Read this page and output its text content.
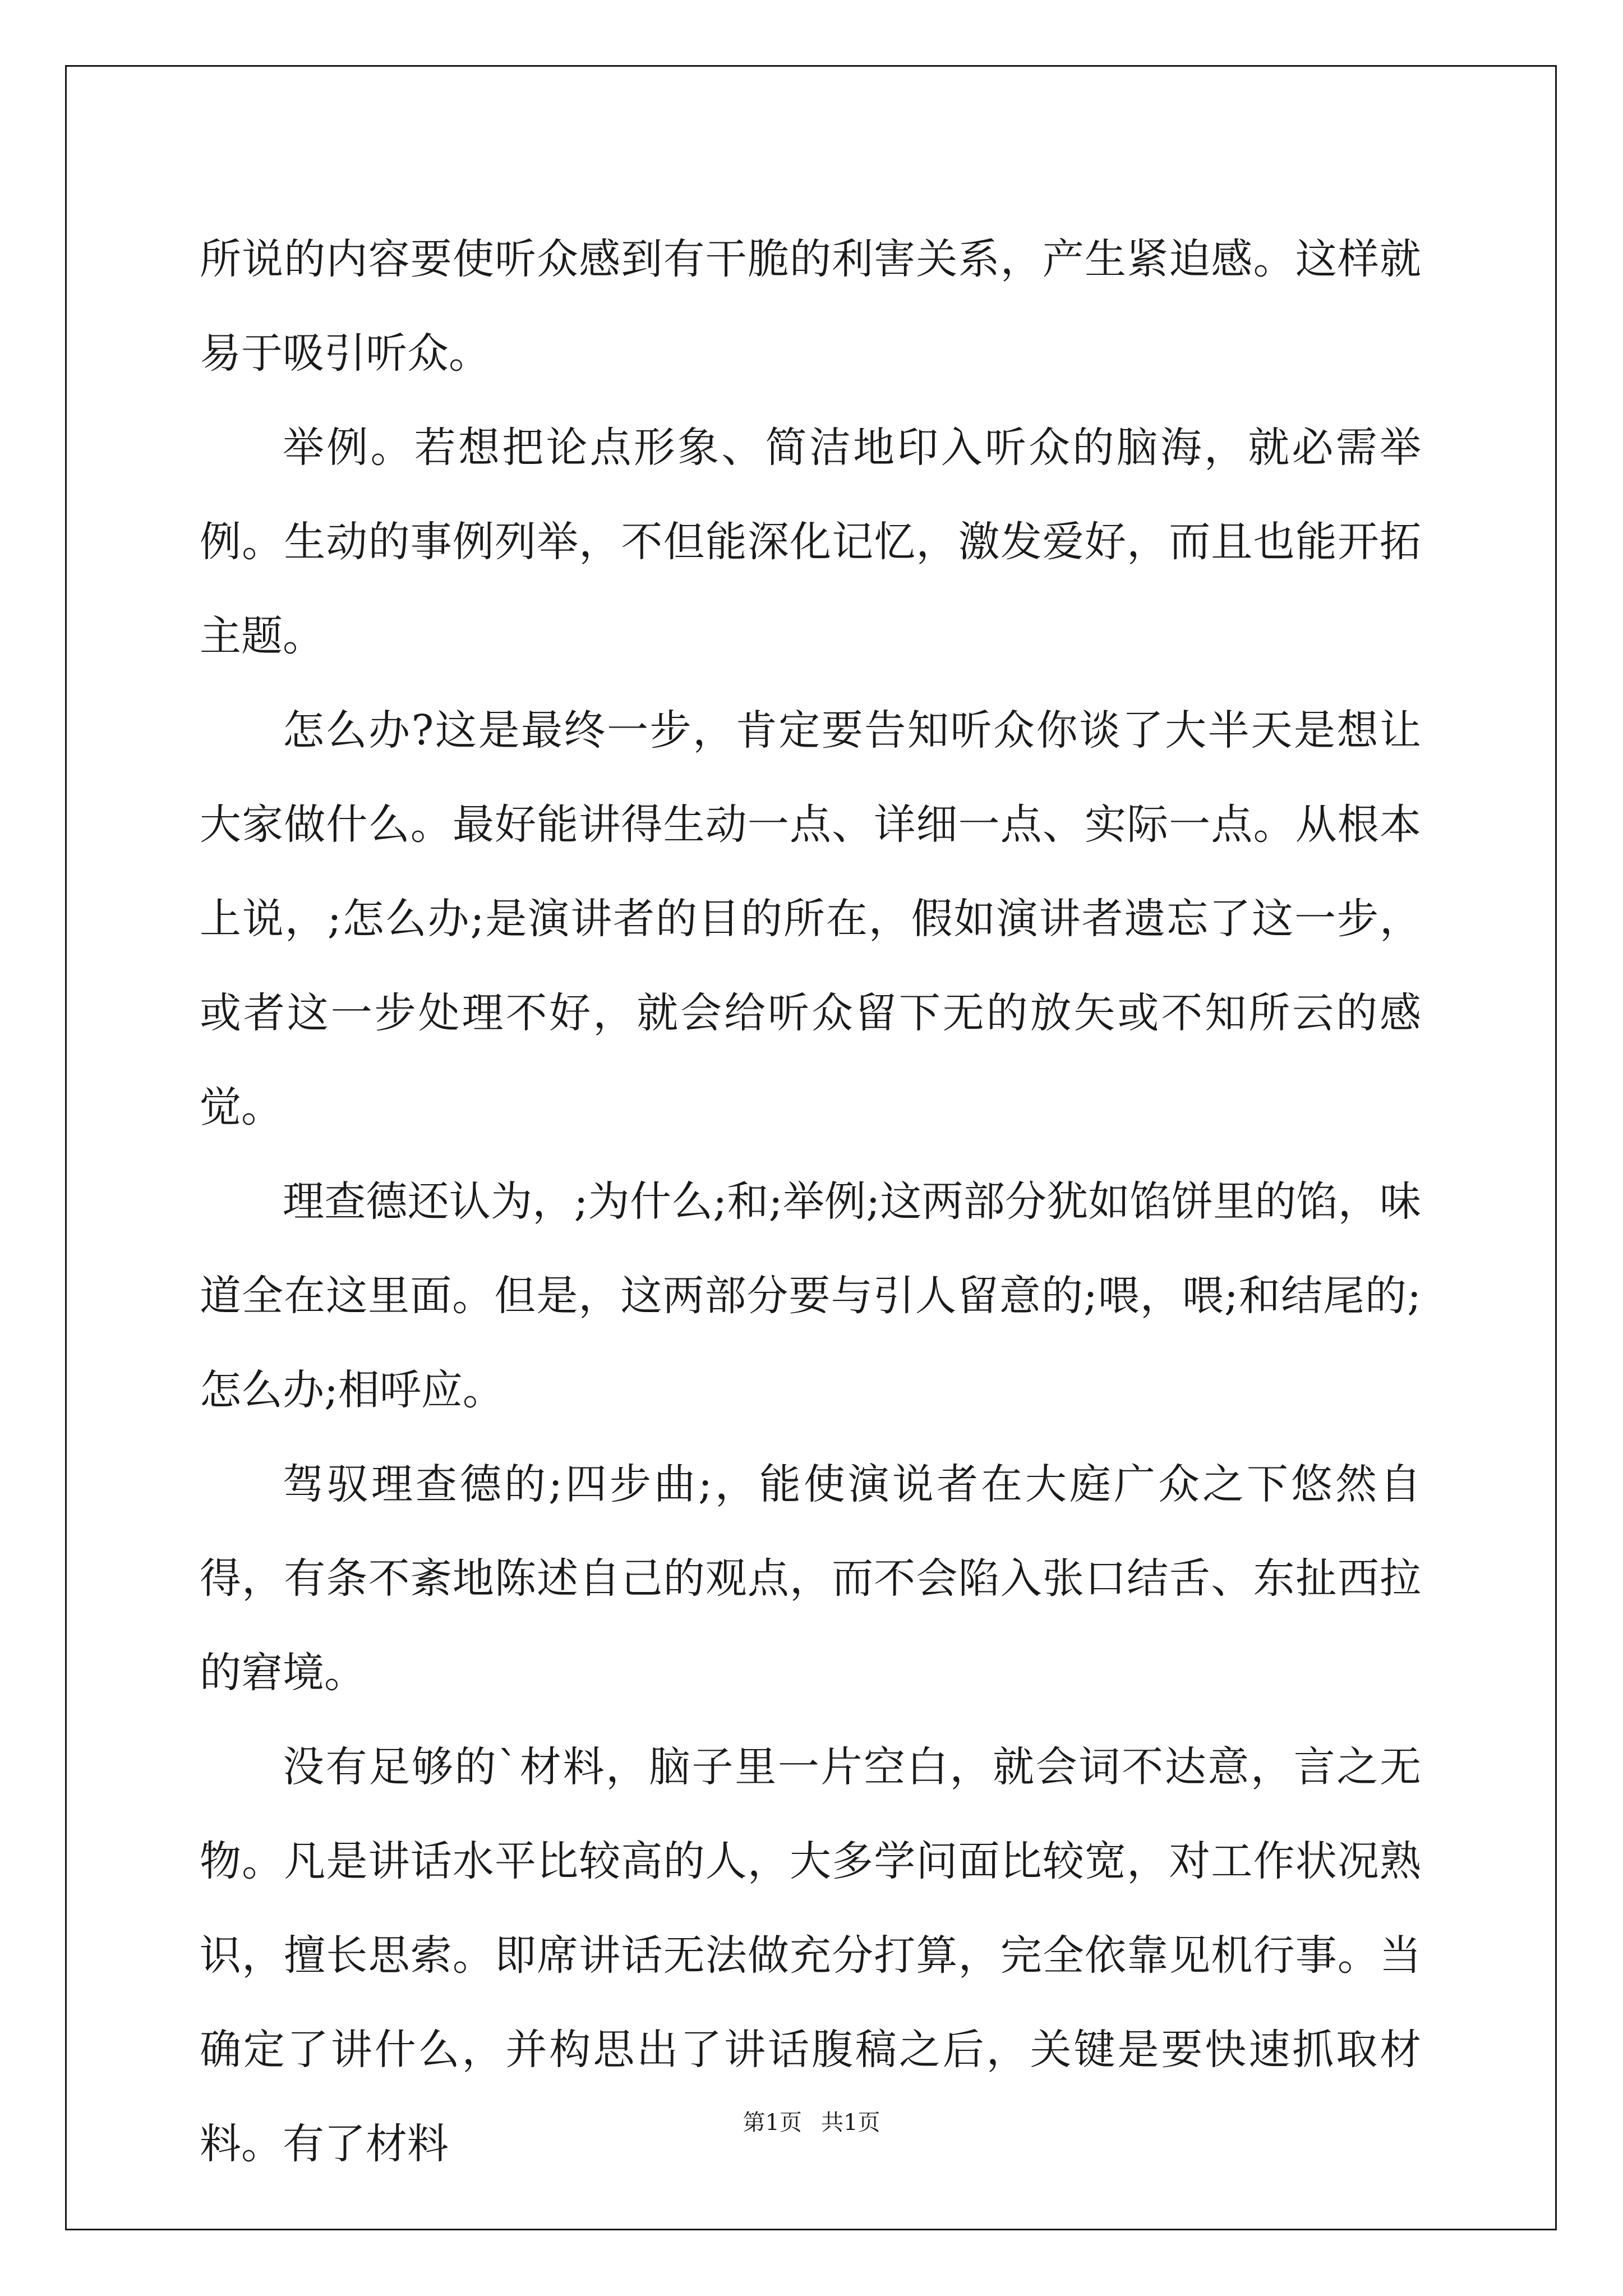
所说的内容要使听众感到有干脆的利害关系，产生紧迫感。这样就易于吸引听众。

举例。若想把论点形象、简洁地印入听众的脑海，就必需举例。生动的事例列举，不但能深化记忆，激发爱好，而且也能开拓主题。

怎么办?这是最终一步，肯定要告知听众你谈了大半天是想让大家做什么。最好能讲得生动一点、详细一点、实际一点。从根本上说，;怎么办;是演讲者的目的所在，假如演讲者遗忘了这一步，或者这一步处理不好，就会给听众留下无的放矢或不知所云的感觉。

理查德还认为，;为什么;和;举例;这两部分犹如馅饼里的馅，味道全在这里面。但是，这两部分要与引人留意的;喂，喂;和结尾的;怎么办;相呼应。

驾驭理查德的;四步曲;，能使演说者在大庭广众之下悠然自得，有条不紊地陈述自己的观点，而不会陷入张口结舌、东扯西拉的窘境。

没有足够的`材料，脑子里一片空白，就会词不达意，言之无物。凡是讲话水平比较高的人，大多学问面比较宽，对工作状况熟识，擅长思索。即席讲话无法做充分打算，完全依靠见机行事。当确定了讲什么，并构思出了讲话腹稿之后，关键是要快速抓取材料。有了材料	第1页 共1页
